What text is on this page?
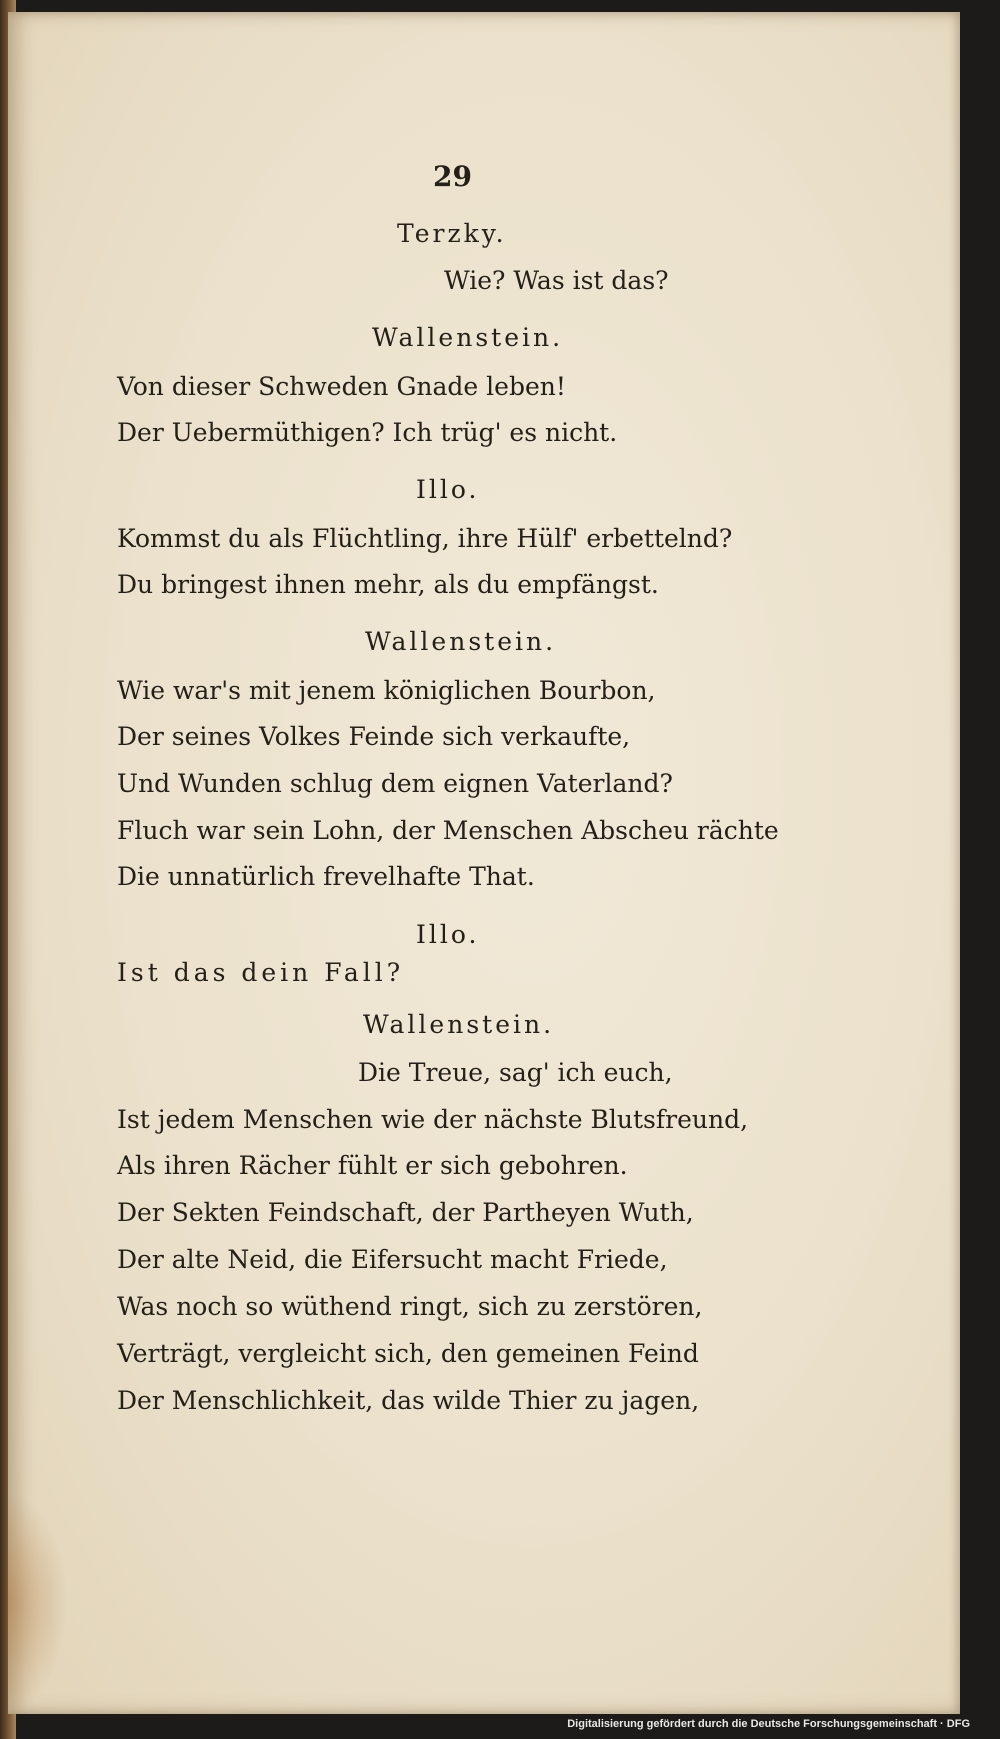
29
Terzky.
Wie? Was ist das?
Wallenstein.
Von dieser Schweden Gnade leben!
Der Uebermüthigen? Ich trüg' es nicht.
Illo.
Kommst du als Flüchtling, ihre Hülf' erbettelnd?
Du bringest ihnen mehr, als du empfängst.
Wallenstein.
Wie war's mit jenem königlichen Bourbon,
Der seines Volkes Feinde sich verkaufte,
Und Wunden schlug dem eignen Vaterland?
Fluch war sein Lohn, der Menschen Abscheu rächte
Die unnatürlich frevelhafte That.
Illo.
Ist das dein Fall?
Wallenstein.
Die Treue, sag' ich euch,
Ist jedem Menschen wie der nächste Blutsfreund,
Als ihren Rächer fühlt er sich gebohren.
Der Sekten Feindschaft, der Partheyen Wuth,
Der alte Neid, die Eifersucht macht Friede,
Was noch so wüthend ringt, sich zu zerstören,
Verträgt, vergleicht sich, den gemeinen Feind
Der Menschlichkeit, das wilde Thier zu jagen,
Digitalisierung gefördert durch die Deutsche Forschungsgemeinschaft · DFG
